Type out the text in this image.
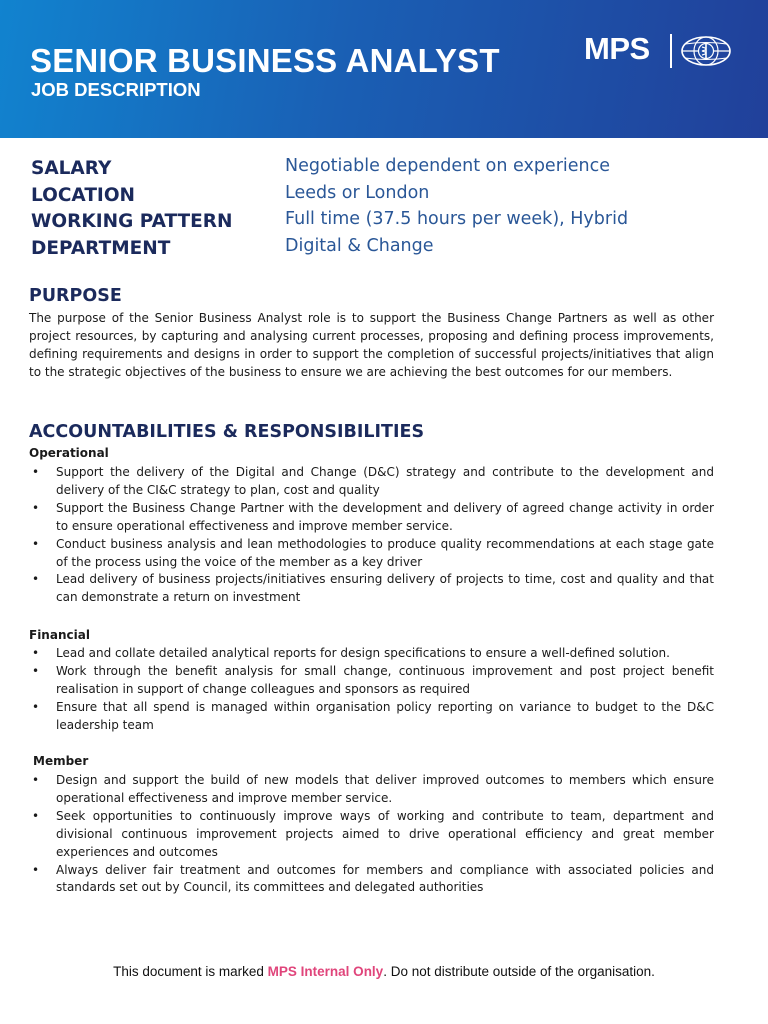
SENIOR BUSINESS ANALYST
JOB DESCRIPTION
MPS
SALARY	Negotiable dependent on experience
LOCATION	Leeds or London
WORKING PATTERN	Full time (37.5 hours per week), Hybrid
DEPARTMENT	Digital & Change
PURPOSE

The purpose of the Senior Business Analyst role is to support the Business Change Partners as well as other project resources, by capturing and analysing current processes, proposing and defining process improvements, defining requirements and designs in order to support the completion of successful projects/initiatives that align to the strategic objectives of the business to ensure we are achieving the best outcomes for our members.

ACCOUNTABILITIES & RESPONSIBILITIES

Operational

• Support the delivery of the Digital and Change (D&C) strategy and contribute to the development and delivery of the CI&C strategy to plan, cost and quality
• Support the Business Change Partner with the development and delivery of agreed change activity in order to ensure operational effectiveness and improve member service.
• Conduct business analysis and lean methodologies to produce quality recommendations at each stage gate of the process using the voice of the member as a key driver
• Lead delivery of business projects/initiatives ensuring delivery of projects to time, cost and quality and that can demonstrate a return on investment

Financial

• Lead and collate detailed analytical reports for design specifications to ensure a well-defined solution.
• Work through the benefit analysis for small change, continuous improvement and post project benefit realisation in support of change colleagues and sponsors as required
• Ensure that all spend is managed within organisation policy reporting on variance to budget to the D&C leadership team

Member

• Design and support the build of new models that deliver improved outcomes to members which ensure operational effectiveness and improve member service.
• Seek opportunities to continuously improve ways of working and contribute to team, department and divisional continuous improvement projects aimed to drive operational efficiency and great member experiences and outcomes
• Always deliver fair treatment and outcomes for members and compliance with associated policies and standards set out by Council, its committees and delegated authorities
This document is marked MPS Internal Only. Do not distribute outside of the organisation.
